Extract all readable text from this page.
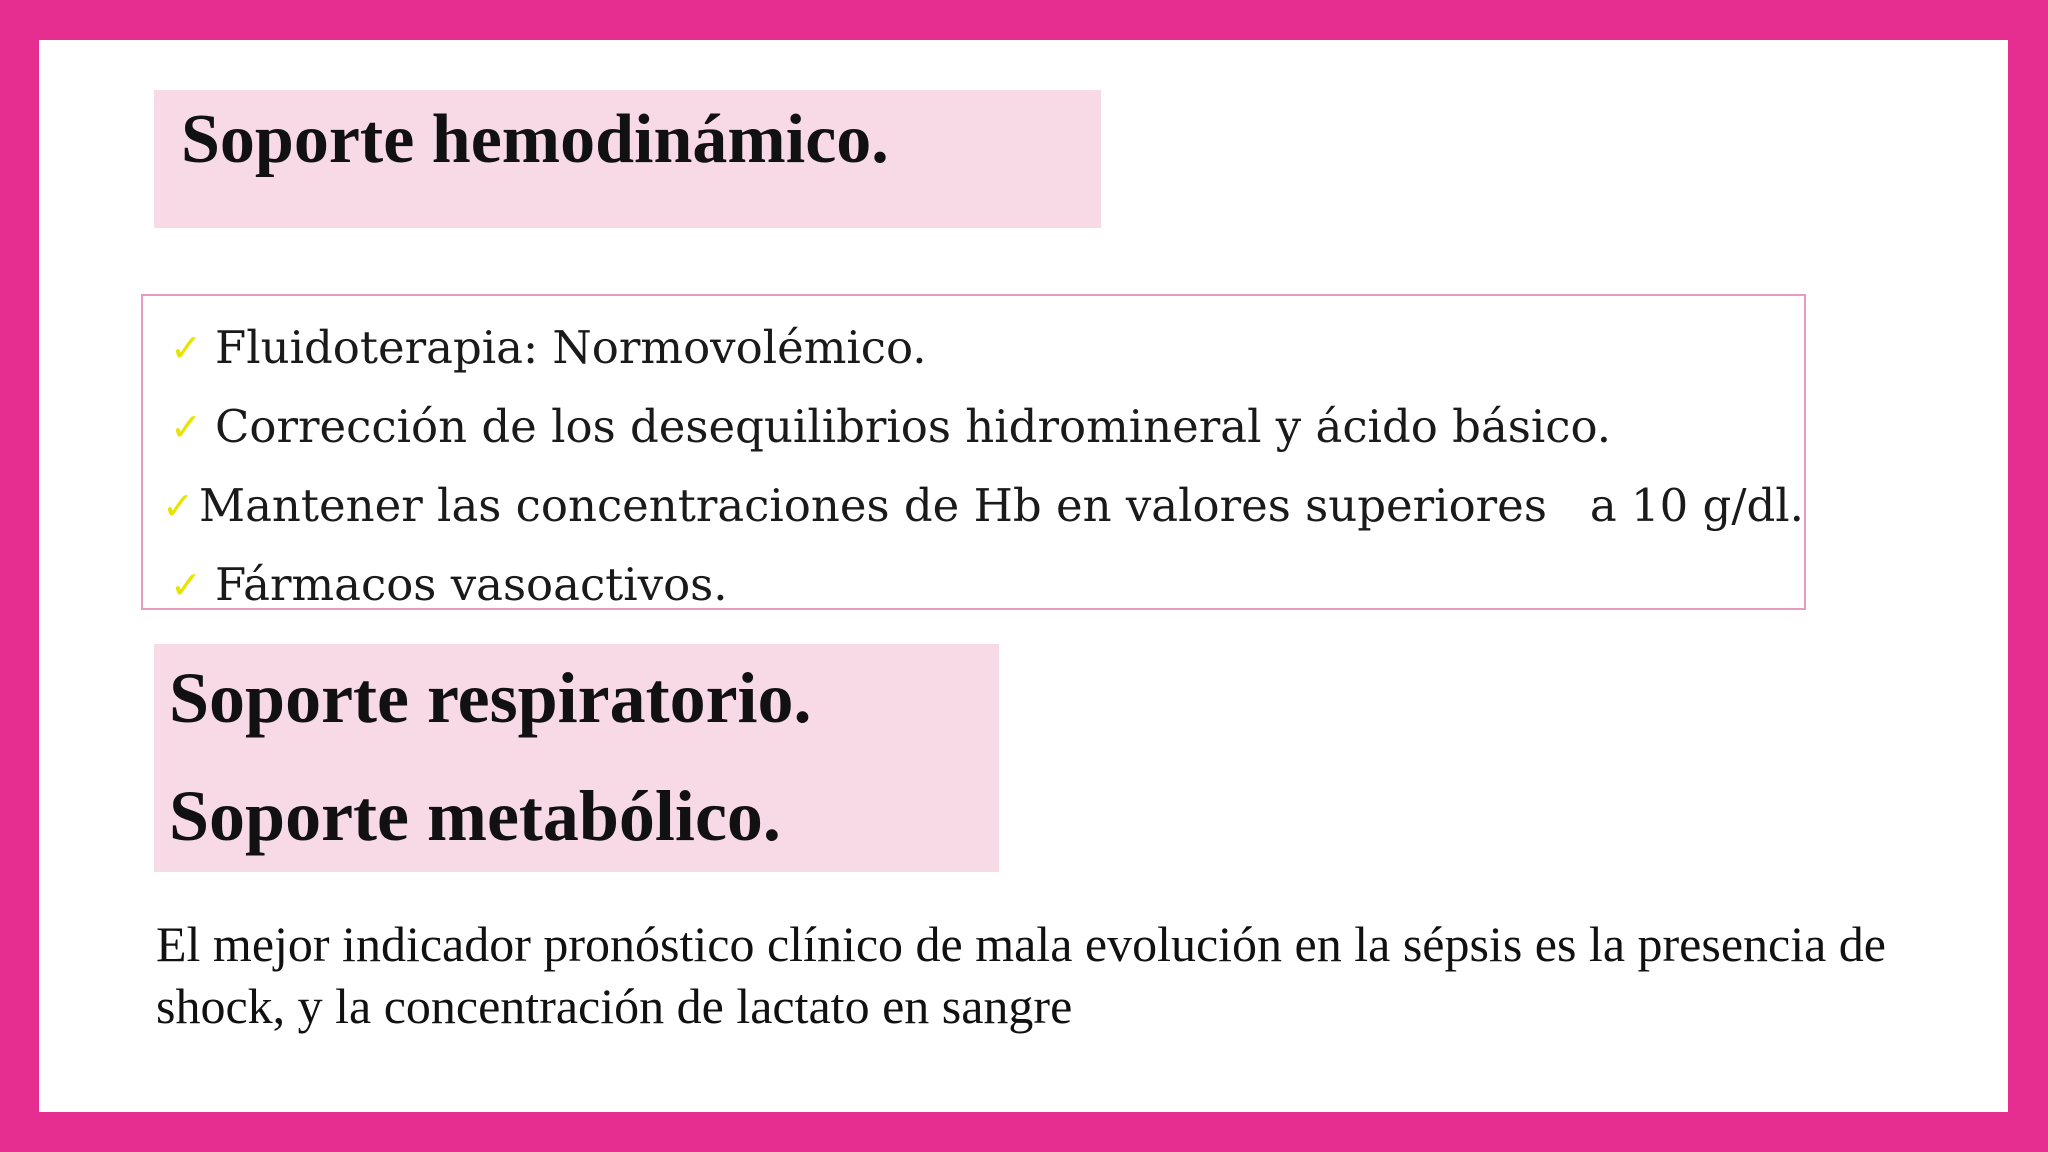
Soporte hemodinámico.
✓ Fluidoterapia: Normovolémico.
✓ Corrección de los desequilibrios hidromineral y ácido básico.
✓ Mantener las concentraciones de Hb en valores superiores   a 10 g/dl.
✓ Fármacos vasoactivos.
Soporte respiratorio.
Soporte metabólico.

El mejor indicador pronóstico clínico de mala evolución en la sépsis es la presencia de shock, y la concentración de lactato en sangre
